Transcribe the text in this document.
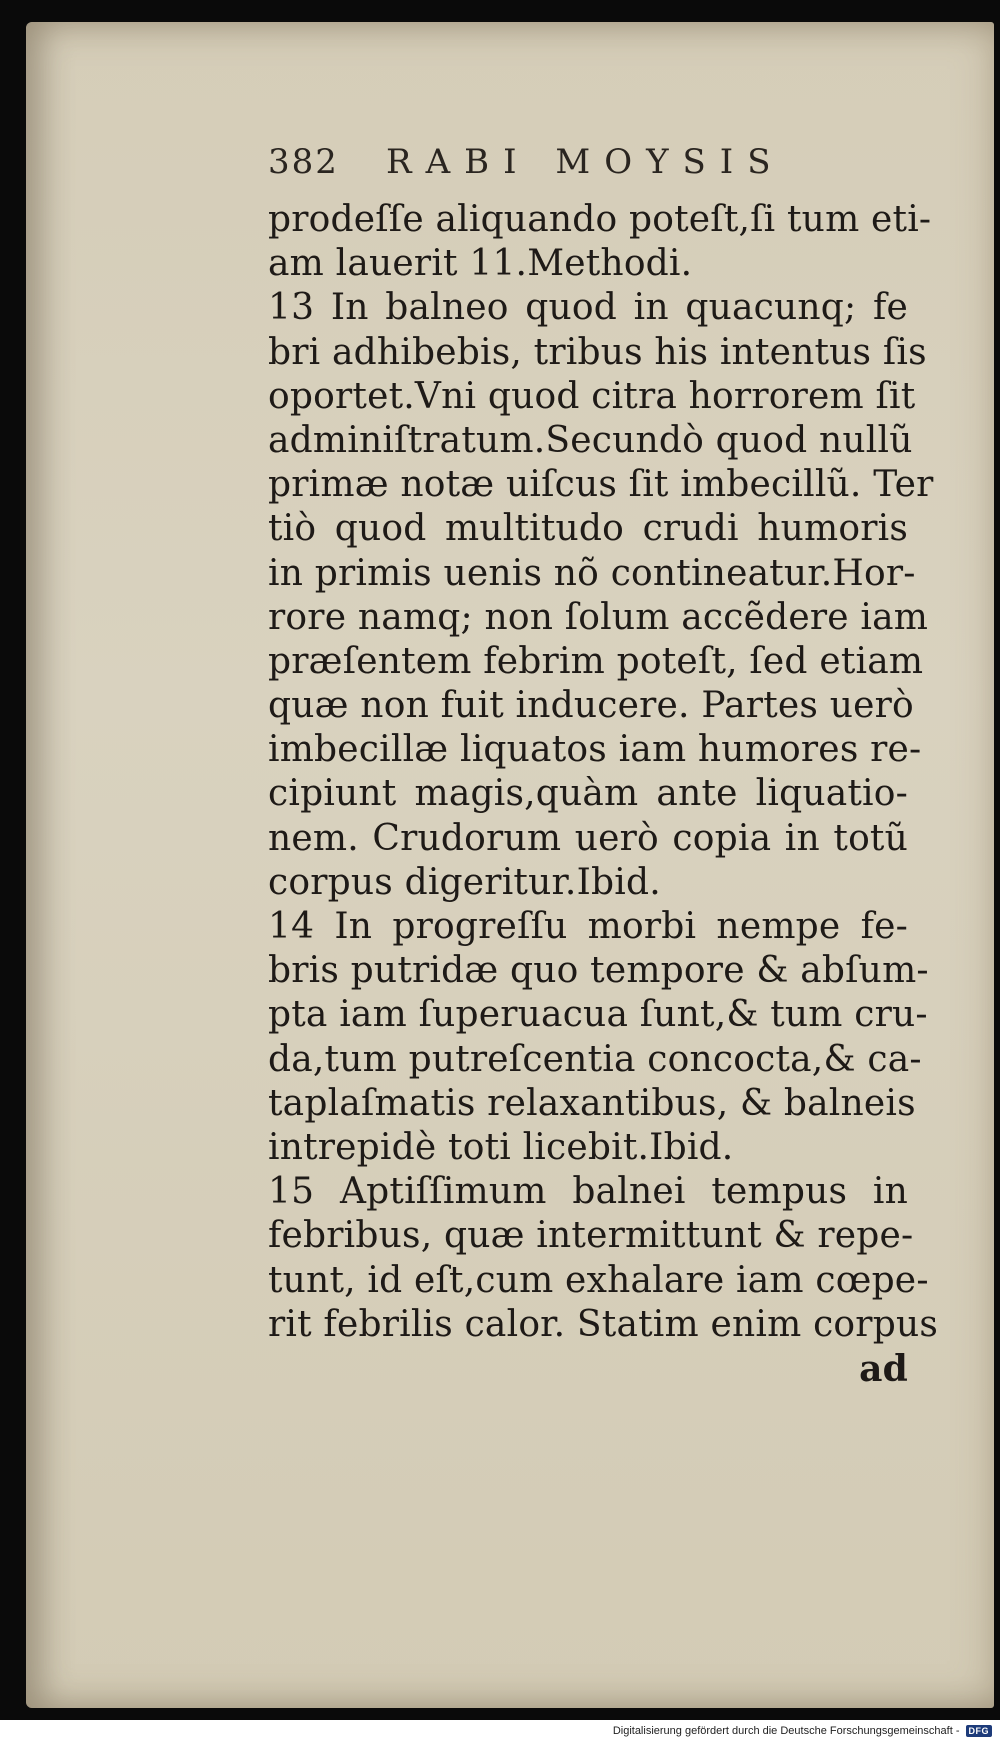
382	RABI MOYSIS
prodeſſe aliquando poteſt,ſi tum eti-
am lauerit 11.Methodi.
13 In balneo quod in quacunq; fe
bri adhibebis, tribus his intentus ſis
oportet.Vni quod citra horrorem ſit
adminiſtratum.Secundò quod nullũ
primæ notæ uiſcus ſit imbecillũ. Ter
tiò quod multitudo crudi humoris
in primis uenis nõ contineatur.Hor-
rore namq; non ſolum accẽdere iam
præſentem febrim poteſt, ſed etiam
quæ non fuit inducere. Partes uerò
imbecillæ liquatos iam humores re-
cipiunt magis,quàm ante liquatio-
nem. Crudorum uerò copia in totũ
corpus digeritur.Ibid.
14 In progreſſu morbi nempe fe-
bris putridæ quo tempore & abſum-
pta iam ſuperuacua ſunt,& tum cru-
da,tum putreſcentia concocta,& ca-
taplaſmatis relaxantibus, & balneis
intrepidè toti licebit.Ibid.
15 Aptiſſimum balnei tempus in
febribus, quæ intermittunt & repe-
tunt, id eſt,cum exhalare iam cœpe-
rit febrilis calor. Statim enim corpus
ad
Digitalisierung gefördert durch die Deutsche Forschungsgemeinschaft -	DFG
